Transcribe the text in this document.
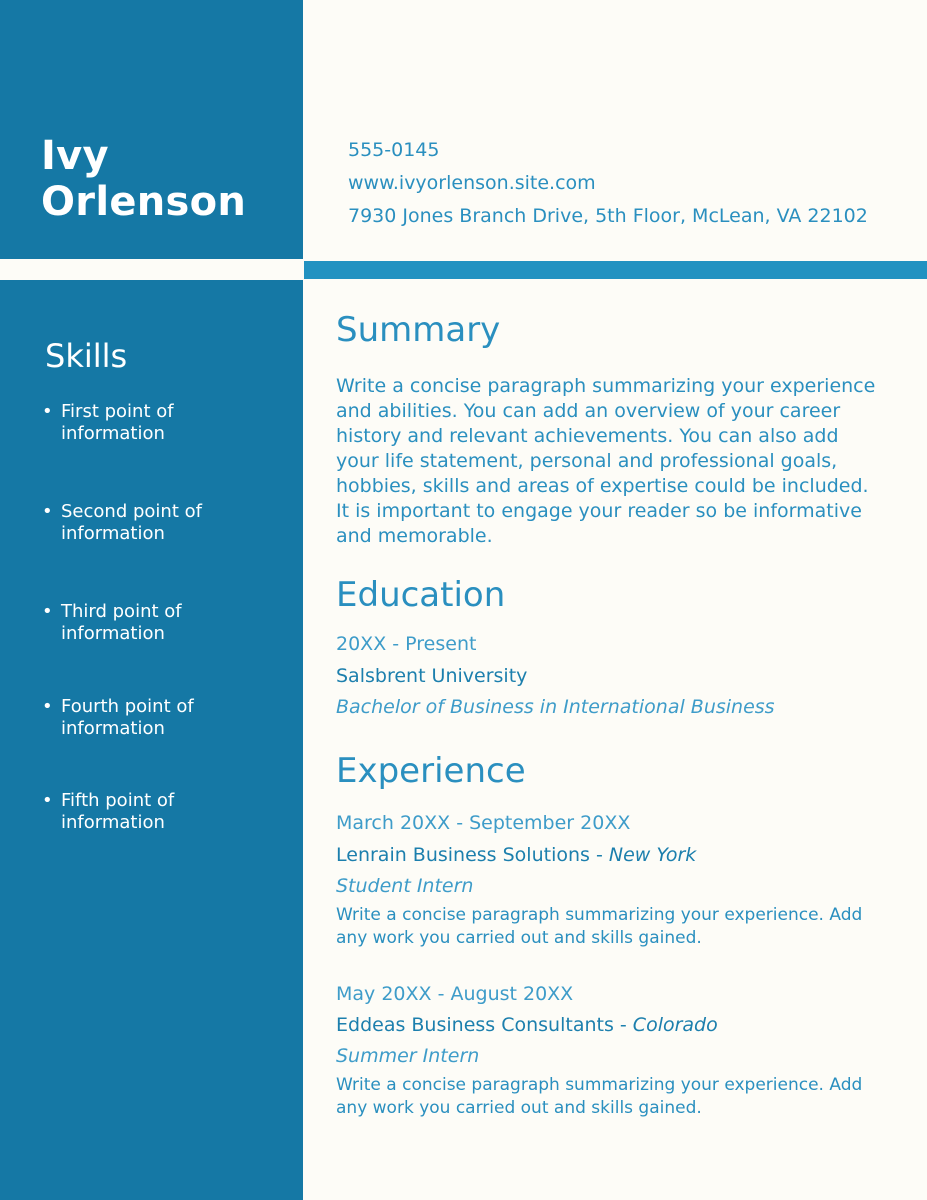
Ivy
Orlenson
555-0145
www.ivyorlenson.site.com
7930 Jones Branch Drive, 5th Floor, McLean, VA 22102
Skills
• First point of information
• Second point of information
• Third point of information
• Fourth point of information
• Fifth point of information
Summary

Write a concise paragraph summarizing your experience and abilities. You can add an overview of your career history and relevant achievements. You can also add your life statement, personal and professional goals, hobbies, skills and areas of expertise could be included. It is important to engage your reader so be informative and memorable.

Education
20XX - Present
Salsbrent University
Bachelor of Business in International Business
Experience
March 20XX - September 20XX
Lenrain Business Solutions - New York
Student Intern
Write a concise paragraph summarizing your experience. Add any work you carried out and skills gained.
May 20XX - August 20XX
Eddeas Business Consultants - Colorado
Summer Intern
Write a concise paragraph summarizing your experience. Add any work you carried out and skills gained.
